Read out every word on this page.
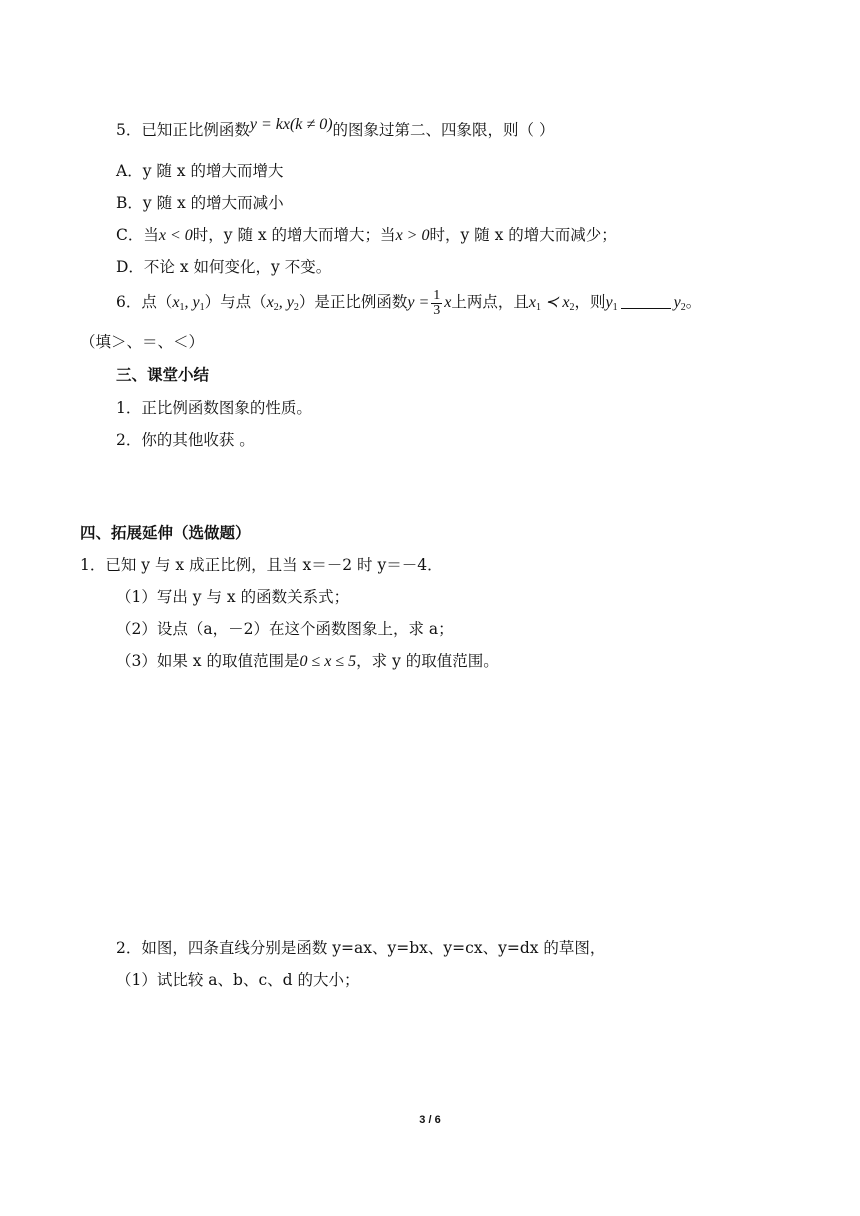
5．已知正比例函数y = kx(k ≠ 0)的图象过第二、四象限，则（ ）
A．y 随 x 的增大而增大
B．y 随 x 的增大而减小
C．当x < 0时，y 随 x 的增大而增大；当x > 0时，y 随 x 的增大而减少；
D．不论 x 如何变化，y 不变。
6．点（$x_1$, $y_1$）与点（$x_2$, $y_2$）是正比例函数$y = \frac{1}{3}$ x上两点，且$x_1$ ≺ $x_2$，则$y_1$	$y_2$。
（填＞、＝、＜）
三、课堂小结
1．正比例函数图象的性质。
2．你的其他收获 。
四、拓展延伸（选做题）
1．已知 y 与 x 成正比例，且当 x＝－2 时 y＝－4．
（1）写出 y 与 x 的函数关系式；
（2）设点（a，－2）在这个函数图象上，求 a；
（3）如果 x 的取值范围是0 ≤ x ≤ 5，求 y 的取值范围。
2．如图，四条直线分别是函数 y=ax、y=bx、y=cx、y=dx 的草图，
（1）试比较 a、b、c、d 的大小；
3 / 6
